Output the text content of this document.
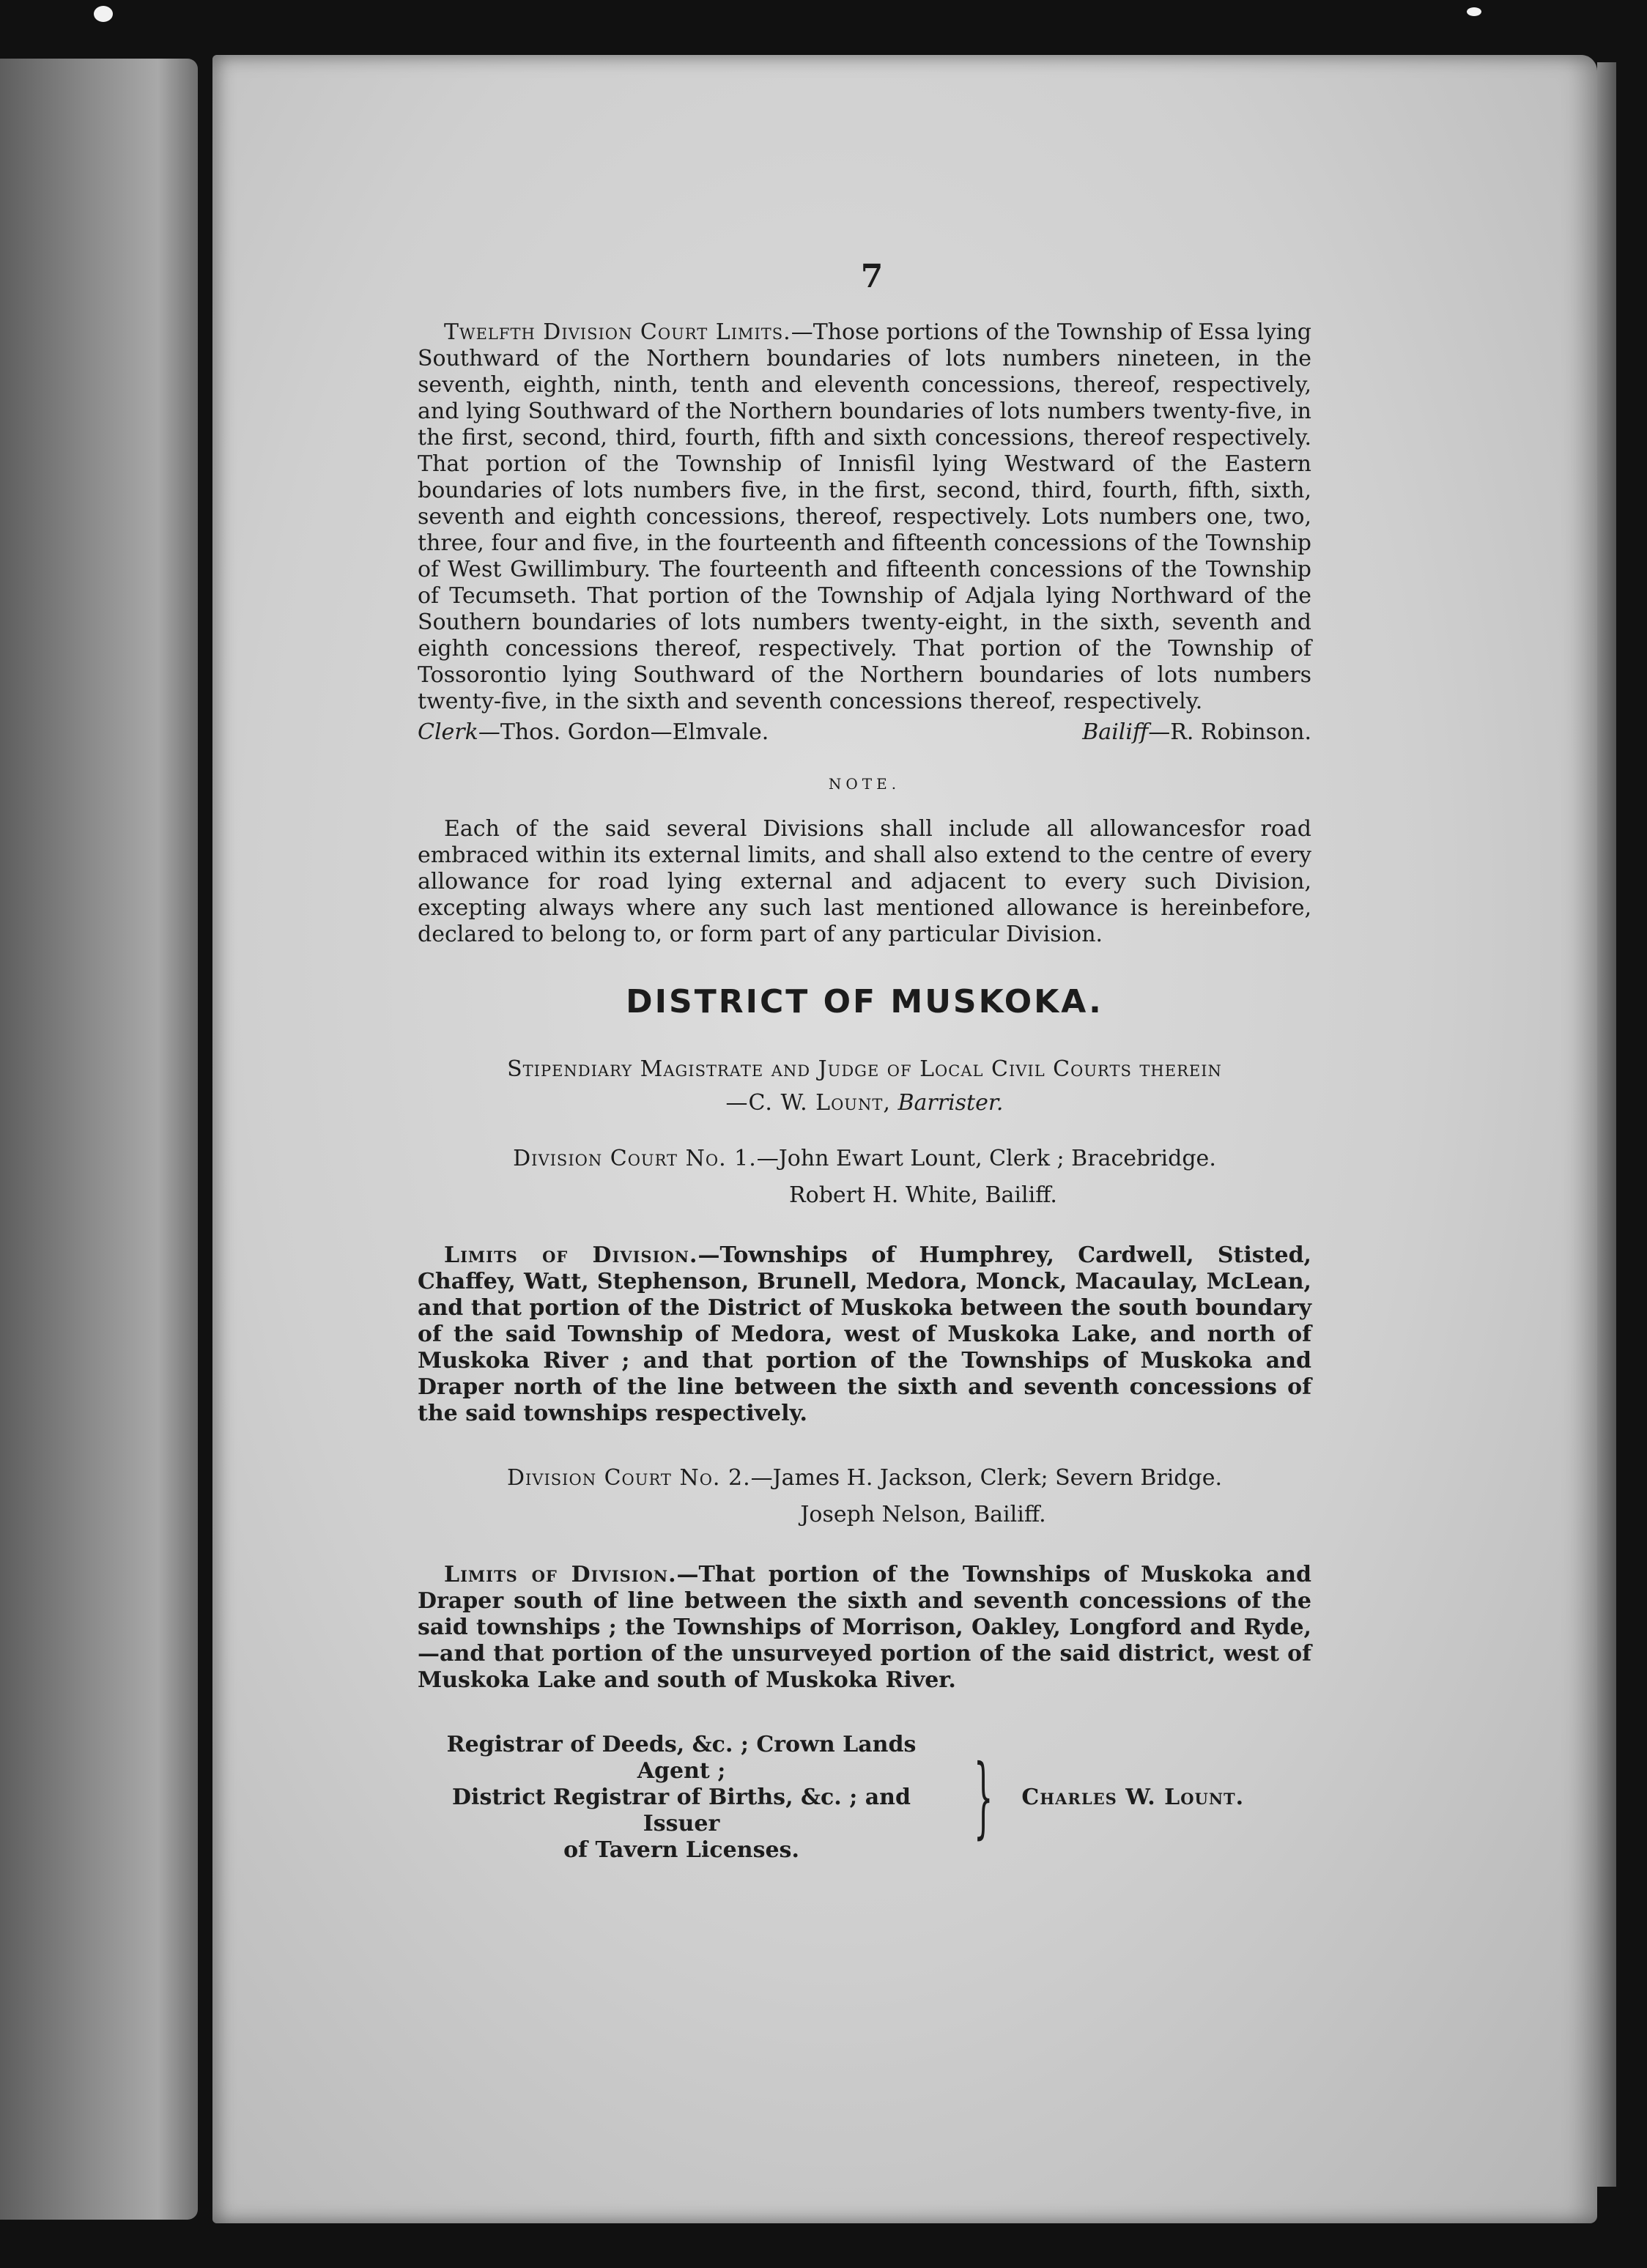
7

Twelfth Division Court Limits.—Those portions of the Township of Essa lying Southward of the Northern boundaries of lots numbers nineteen, in the seventh, eighth, ninth, tenth and eleventh concessions, thereof, respectively, and lying Southward of the Northern boundaries of lots numbers twenty-five, in the first, second, third, fourth, fifth and sixth concessions, thereof respectively. That portion of the Township of Innisfil lying Westward of the Eastern boundaries of lots numbers five, in the first, second, third, fourth, fifth, sixth, seventh and eighth concessions, thereof, respectively. Lots numbers one, two, three, four and five, in the fourteenth and fifteenth concessions of the Township of West Gwillimbury. The fourteenth and fifteenth concessions of the Township of Tecumseth. That portion of the Township of Adjala lying Northward of the Southern boundaries of lots numbers twenty-eight, in the sixth, seventh and eighth concessions thereof, respectively. That portion of the Township of Tossorontio lying Southward of the Northern boundaries of lots numbers twenty-five, in the sixth and seventh concessions thereof, respectively.

Clerk—Thos. Gordon—Elmvale.	Bailiff—R. Robinson.
NOTE.

Each of the said several Divisions shall include all allowancesfor road embraced within its external limits, and shall also extend to the centre of every allowance for road lying external and adjacent to every such Division, excepting always where any such last mentioned allowance is hereinbefore, declared to belong to, or form part of any particular Division.

DISTRICT OF MUSKOKA.
Stipendiary Magistrate and Judge of Local Civil Courts therein
—C. W. Lount, Barrister.
Division Court No. 1.—John Ewart Lount, Clerk ; Bracebridge.
Robert H. White, Bailiff.

Limits of Division.—Townships of Humphrey, Cardwell, Stisted, Chaffey, Watt, Stephenson, Brunell, Medora, Monck, Macaulay, McLean, and that portion of the District of Muskoka between the south boundary of the said Township of Medora, west of Muskoka Lake, and north of Muskoka River ; and that portion of the Townships of Muskoka and Draper north of the line between the sixth and seventh concessions of the said townships respectively.

Division Court No. 2.—James H. Jackson, Clerk; Severn Bridge.
Joseph Nelson, Bailiff.

Limits of Division.—That portion of the Townships of Muskoka and Draper south of line between the sixth and seventh concessions of the said townships ; the Townships of Morrison, Oakley, Longford and Ryde,—and that portion of the unsurveyed portion of the said district, west of Muskoka Lake and south of Muskoka River.

Registrar of Deeds, &c. ; Crown Lands Agent ;
District Registrar of Births, &c. ; and Issuer
of Tavern Licenses.
} Charles W. Lount.
